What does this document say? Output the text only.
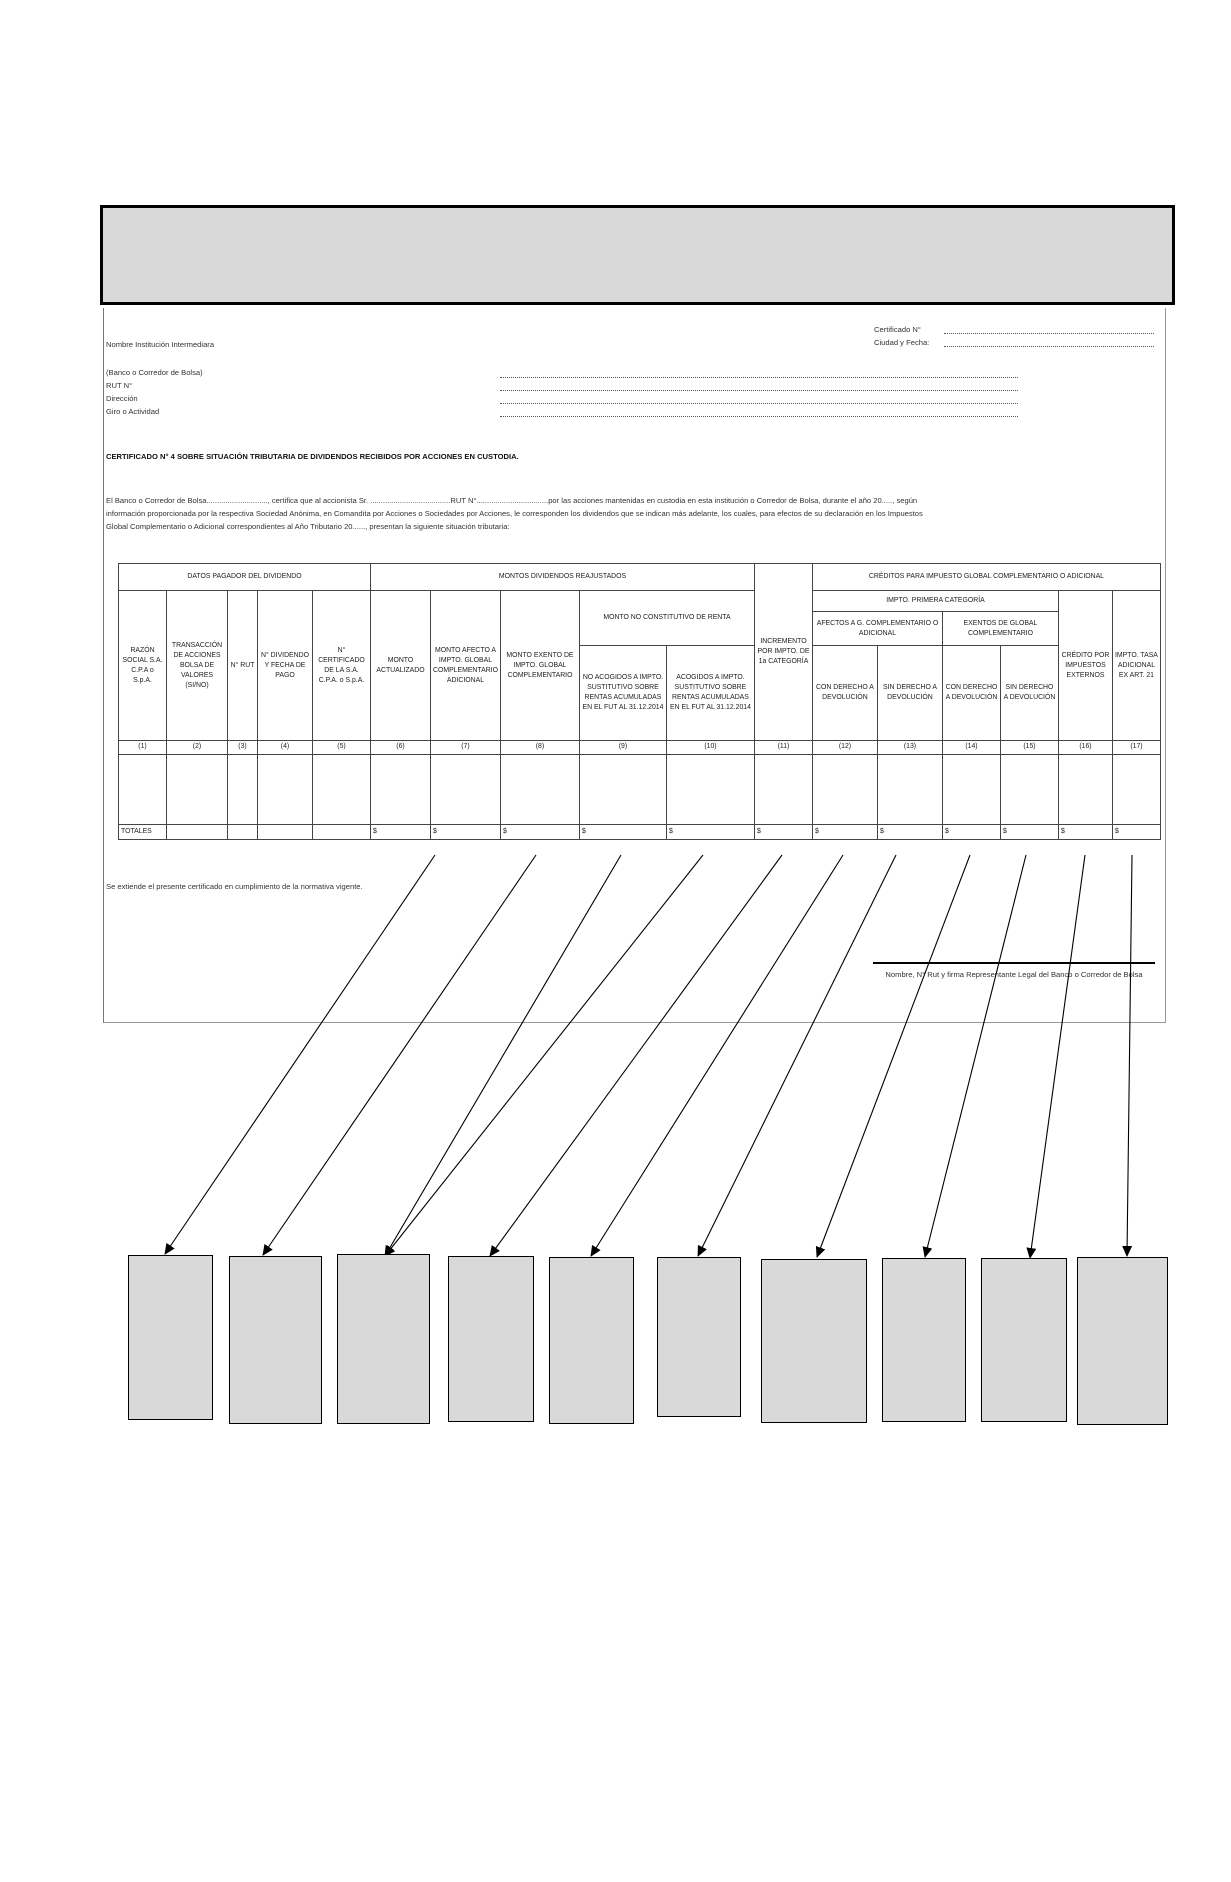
Certificado N°
Ciudad y Fecha:
Nombre Institución Intermediara
(Banco o Corredor de Bolsa)
RUT N°
Dirección
Giro o Actividad
CERTIFICADO N° 4 SOBRE SITUACIÓN TRIBUTARIA DE DIVIDENDOS RECIBIDOS POR ACCIONES EN CUSTODIA.
El Banco o Corredor de Bolsa............................., certifica que al accionista Sr. ......................................RUT N°..................................por las acciones mantenidas en custodia en esta institución o Corredor de Bolsa, durante el año 20....., según información proporcionada por la respectiva Sociedad Anónima, en Comandita por Acciones o Sociedades por Acciones, le corresponden los dividendos que se indican más adelante, los cuales, para efectos de su declaración en los Impuestos Global Complementario o Adicional correspondientes al Año Tributario 20......, presentan la siguiente situación tributaria:
DATOS PAGADOR DEL DIVIDENDO					MONTOS DIVIDENDOS REAJUSTADOS					INCREMENTO POR IMPTO. DE 1a CATEGORÍA	CRÉDITOS PARA IMPUESTO GLOBAL COMPLEMENTARIO O ADICIONAL					
RAZÓN SOCIAL S.A. C.P.A o S.p.A.	TRANSACCIÓN DE ACCIONES BOLSA DE VALORES (SI/NO)	N° RUT	N° DIVIDENDO Y FECHA DE PAGO	N° CERTIFICADO DE LA S.A. C.P.A. o S.p.A.	MONTO ACTUALIZADO	MONTO AFECTO A IMPTO. GLOBAL COMPLEMENTARIO ADICIONAL	MONTO EXENTO DE IMPTO. GLOBAL COMPLEMENTARIO	MONTO NO CONSTITUTIVO DE RENTA			IMPTO. PRIMERA CATEGORÍA				CRÉDITO POR IMPUESTOS EXTERNOS	IMPTO. TASA ADICIONAL EX ART. 21
											AFECTOS A G. COMPLEMENTARIO O ADICIONAL		EXENTOS DE GLOBAL COMPLEMENTARIO			
								NO ACOGIDOS A IMPTO. SUSTITUTIVO SOBRE RENTAS ACUMULADAS EN EL FUT AL 31.12.2014	ACOGIDOS A IMPTO. SUSTITUTIVO SOBRE RENTAS ACUMULADAS EN EL FUT AL 31.12.2014		CON DERECHO A DEVOLUCIÓN	SIN DERECHO A DEVOLUCIÓN	CON DERECHO A DEVOLUCIÓN	SIN DERECHO A DEVOLUCIÓN		
(1)	(2)	(3)	(4)	(5)	(6)	(7)	(8)	(9)	(10)	(11)	(12)	(13)	(14)	(15)	(16)	(17)

TOTALES					$	$	$	$	$	$	$	$	$	$	$	$
Se extiende el presente certificado en cumplimiento de la normativa vigente.
Nombre, N° Rut y firma Representante Legal del Banco o Corredor de Bolsa
